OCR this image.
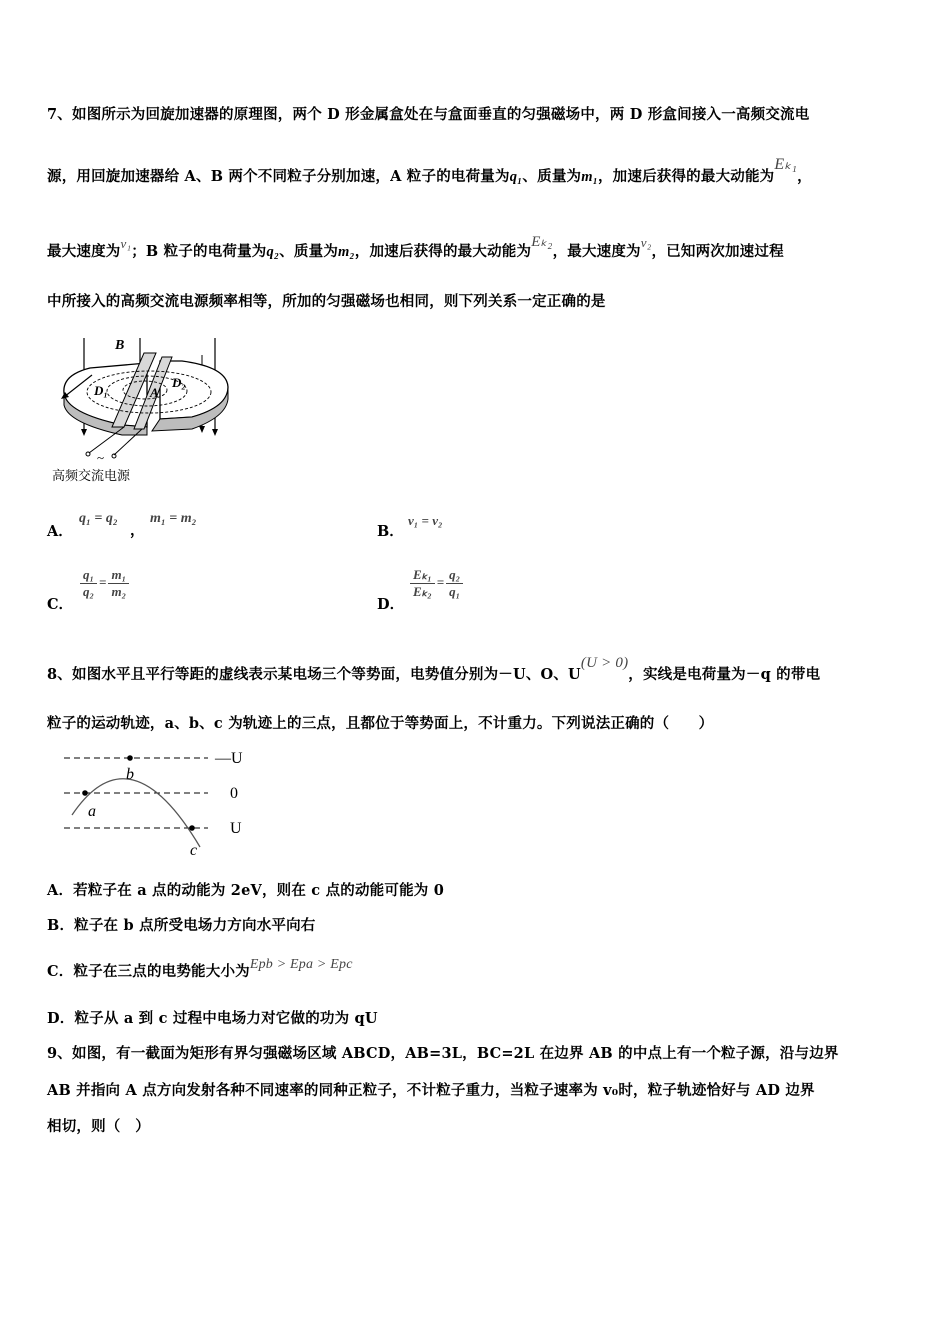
7、如图所示为回旋加速器的原理图，两个 D 形金属盒处在与盒面垂直的匀强磁场中，两 D 形盒间接入一高频交流电
源，用回旋加速器给 A、B 两个不同粒子分别加速，A 粒子的电荷量为q₁、质量为m₁，加速后获得的最大动能为Eₖ₁，
最大速度为v₁；B 粒子的电荷量为q₂、质量为m₂，加速后获得的最大动能为Eₖ₂，最大速度为v₂，已知两次加速过程
中所接入的高频交流电源频率相等，所加的匀强磁场也相同，则下列关系一定正确的是
B
D₁
D₂
A
~
高频交流电源
A．
q₁ = q₂
，
m₁ = m₂
B．
v₁ = v₂
C．
$\frac{\text{q₁}}{\text{q₂}} = \frac{\text{m₁}}{\text{m₂}}$
D．
$\frac{\text{Eₖ₁}}{\text{Eₖ₂}} = \frac{\text{q₂}}{\text{q₁}}$
8、如图水平且平行等距的虚线表示某电场三个等势面，电势值分别为－U、O、U(U > 0)，实线是电荷量为－q 的带电
粒子的运动轨迹，a、b、c 为轨迹上的三点，且都位于等势面上，不计重力。下列说法正确的（　　）
—U
0
U
a
b
c
A．若粒子在 a 点的动能为 2eV，则在 c 点的动能可能为 0
B．粒子在 b 点所受电场力方向水平向右
C．粒子在三点的电势能大小为Epb > Epa > Epc
D．粒子从 a 到 c 过程中电场力对它做的功为 qU
9、如图，有一截面为矩形有界匀强磁场区域 ABCD，AB=3L，BC=2L 在边界 AB 的中点上有一个粒子源，沿与边界
AB 并指向 A 点方向发射各种不同速率的同种正粒子，不计粒子重力，当粒子速率为 v₀时，粒子轨迹恰好与 AD 边界
相切，则（　）
